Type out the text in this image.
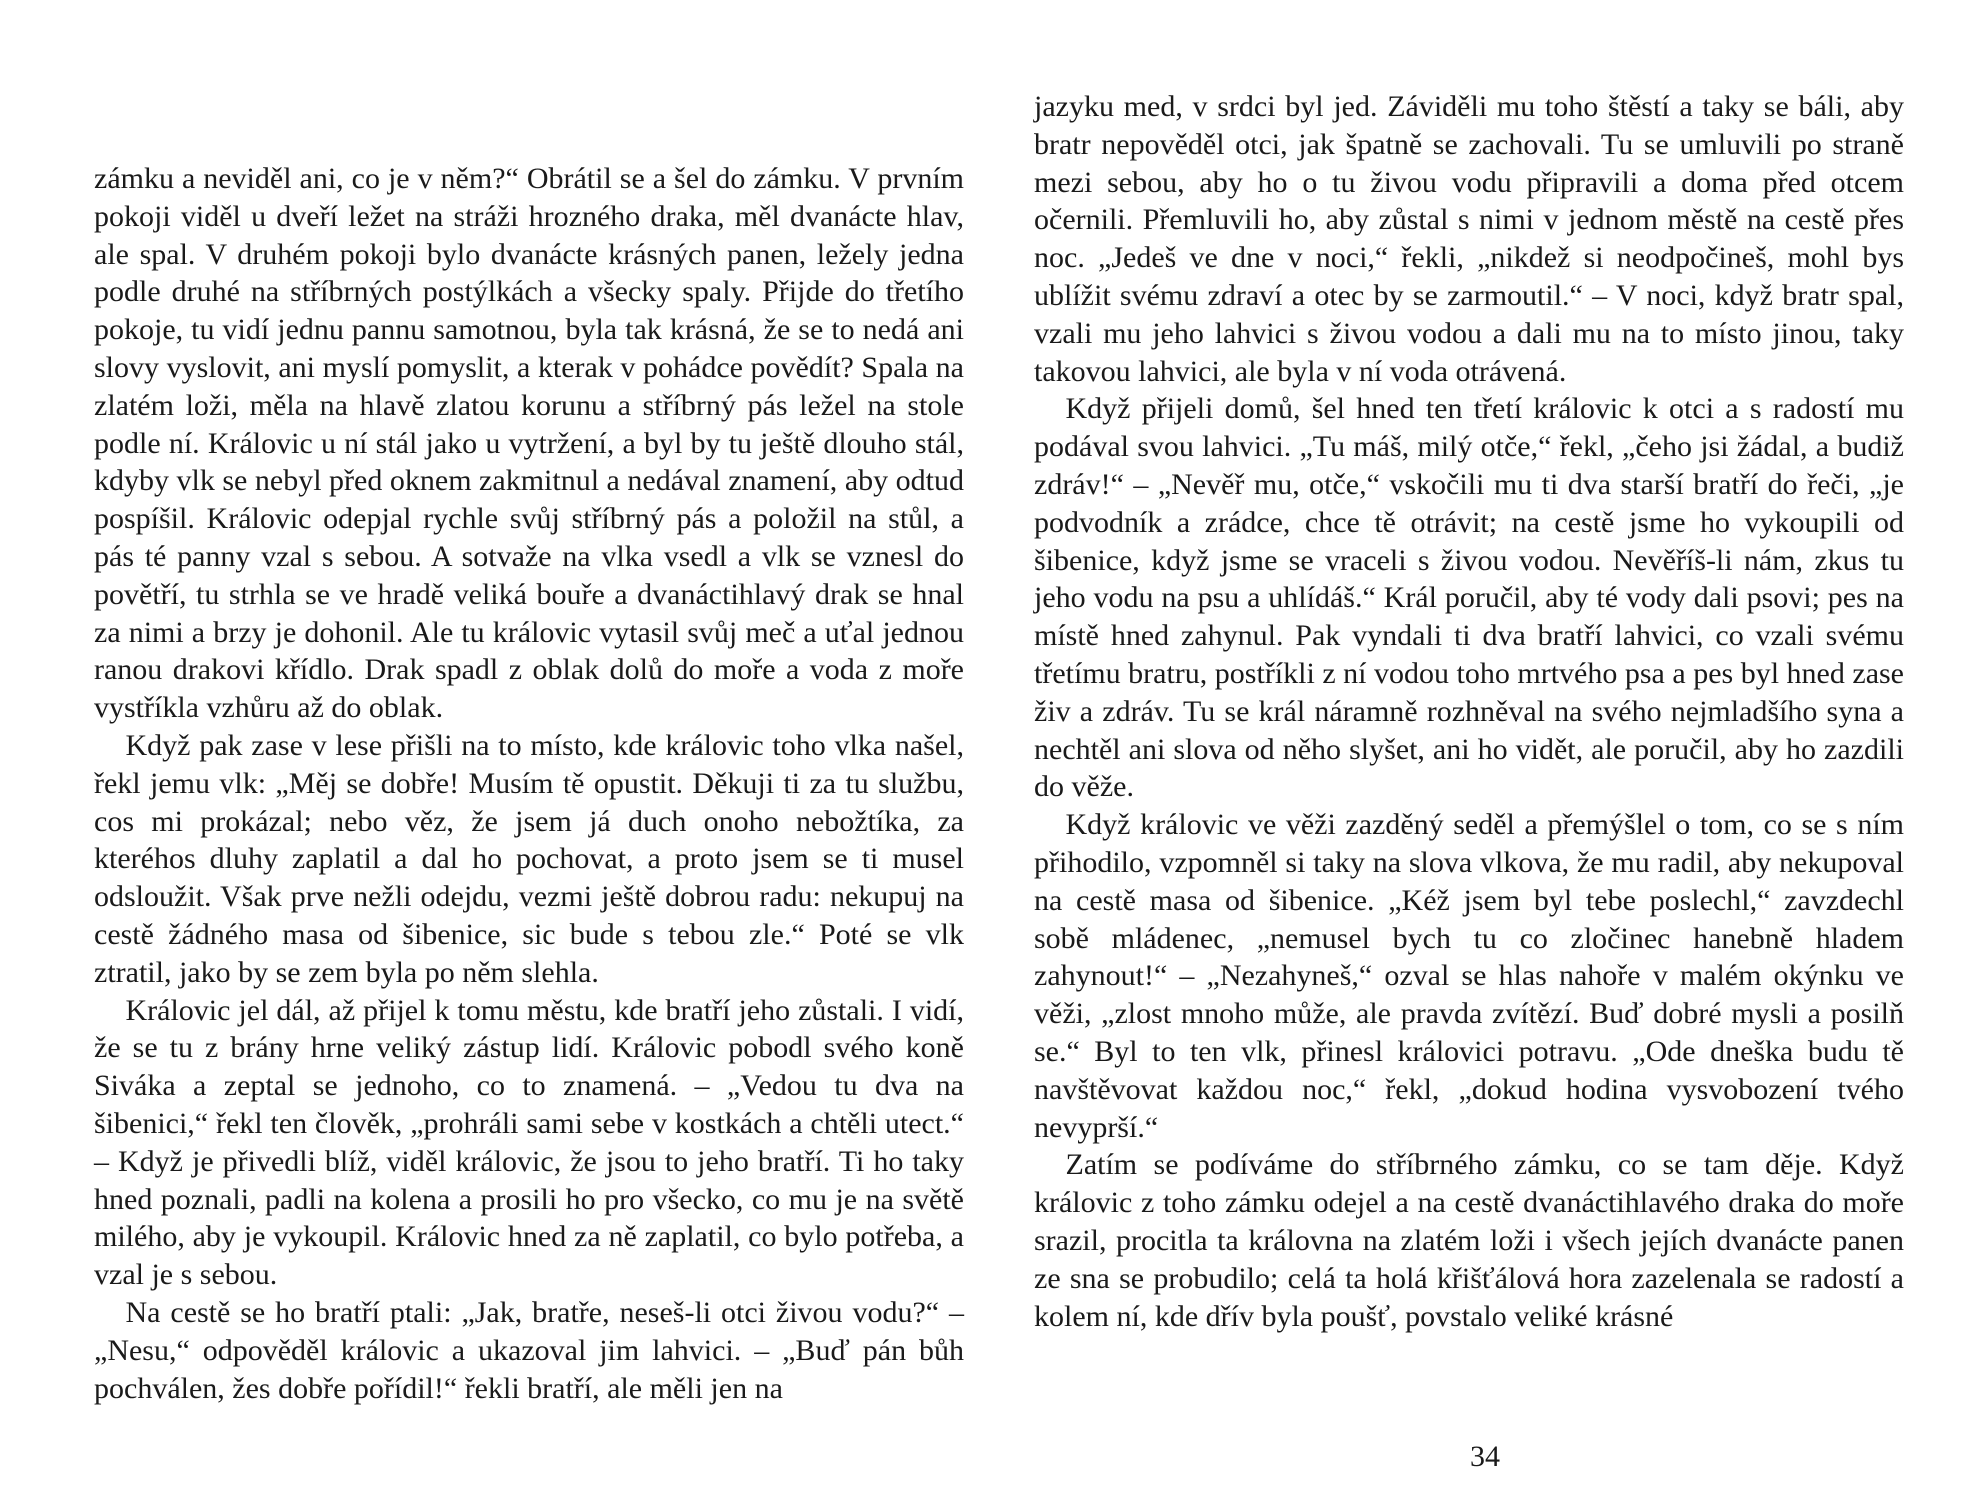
zámku a neviděl ani, co je v něm?“ Obrátil se a šel do zámku. V prvním pokoji viděl u dveří ležet na stráži hrozného draka, měl dvanácte hlav, ale spal. V druhém pokoji bylo dvanácte krásných panen, ležely jedna podle druhé na stříbrných postýlkách a všecky spaly. Přijde do třetího pokoje, tu vidí jednu pannu samotnou, byla tak krásná, že se to nedá ani slovy vyslovit, ani myslí pomyslit, a kterak v pohádce povědít? Spala na zlatém loži, měla na hlavě zlatou korunu a stříbrný pás ležel na stole podle ní. Královic u ní stál jako u vytržení, a byl by tu ještě dlouho stál, kdyby vlk se nebyl před oknem zakmitnul a nedával znamení, aby odtud pospíšil. Královic odepjal rychle svůj stříbrný pás a položil na stůl, a pás té panny vzal s sebou. A sotvaže na vlka vsedl a vlk se vznesl do povětří, tu strhla se ve hradě veliká bouře a dvanáctihlavý drak se hnal za nimi a brzy je dohonil. Ale tu královic vytasil svůj meč a uťal jednou ranou drakovi křídlo. Drak spadl z oblak dolů do moře a voda z moře vystříkla vzhůru až do oblak.

Když pak zase v lese přišli na to místo, kde královic toho vlka našel, řekl jemu vlk: „Měj se dobře! Musím tě opustit. Děkuji ti za tu službu, cos mi prokázal; nebo věz, že jsem já duch onoho nebožtíka, za kteréhos dluhy zaplatil a dal ho pochovat, a proto jsem se ti musel odsloužit. Však prve nežli odejdu, vezmi ještě dobrou radu: nekupuj na cestě žádného masa od šibenice, sic bude s tebou zle.“ Poté se vlk ztratil, jako by se zem byla po něm slehla.

Královic jel dál, až přijel k tomu městu, kde bratří jeho zůstali. I vidí, že se tu z brány hrne veliký zástup lidí. Královic pobodl svého koně Siváka a zeptal se jednoho, co to znamená. – „Vedou tu dva na šibenici,“ řekl ten člověk, „prohráli sami sebe v kostkách a chtěli utect.“ – Když je přivedli blíž, viděl královic, že jsou to jeho bratří. Ti ho taky hned poznali, padli na kolena a prosili ho pro všecko, co mu je na světě milého, aby je vykoupil. Královic hned za ně zaplatil, co bylo potřeba, a vzal je s sebou.

Na cestě se ho bratří ptali: „Jak, bratře, neseš-li otci živou vodu?“ – „Nesu,“ odpověděl královic a ukazoval jim lahvici. – „Buď pán bůh pochválen, žes dobře pořídil!“ řekli bratří, ale měli jen na

jazyku med, v srdci byl jed. Záviděli mu toho štěstí a taky se báli, aby bratr nepověděl otci, jak špatně se zachovali. Tu se umluvili po straně mezi sebou, aby ho o tu živou vodu připravili a doma před otcem očernili. Přemluvili ho, aby zůstal s nimi v jednom městě na cestě přes noc. „Jedeš ve dne v noci,“ řekli, „nikdež si neodpočineš, mohl bys ublížit svému zdraví a otec by se zarmoutil.“ – V noci, když bratr spal, vzali mu jeho lahvici s živou vodou a dali mu na to místo jinou, taky takovou lahvici, ale byla v ní voda otrávená.

Když přijeli domů, šel hned ten třetí královic k otci a s radostí mu podával svou lahvici. „Tu máš, milý otče,“ řekl, „čeho jsi žádal, a budiž zdráv!“ – „Nevěř mu, otče,“ vskočili mu ti dva starší bratří do řeči, „je podvodník a zrádce, chce tě otrávit; na cestě jsme ho vykoupili od šibenice, když jsme se vraceli s živou vodou. Nevěříš-li nám, zkus tu jeho vodu na psu a uhlídáš.“ Král poručil, aby té vody dali psovi; pes na místě hned zahynul. Pak vyndali ti dva bratří lahvici, co vzali svému třetímu bratru, postříkli z ní vodou toho mrtvého psa a pes byl hned zase živ a zdráv. Tu se král náramně rozhněval na svého nejmladšího syna a nechtěl ani slova od něho slyšet, ani ho vidět, ale poručil, aby ho zazdili do věže.

Když královic ve věži zazděný seděl a přemýšlel o tom, co se s ním přihodilo, vzpomněl si taky na slova vlkova, že mu radil, aby nekupoval na cestě masa od šibenice. „Kéž jsem byl tebe poslechl,“ zavzdechl sobě mládenec, „nemusel bych tu co zločinec hanebně hladem zahynout!“ – „Nezahyneš,“ ozval se hlas nahoře v malém okýnku ve věži, „zlost mnoho může, ale pravda zvítězí. Buď dobré mysli a posilň se.“ Byl to ten vlk, přinesl královici potravu. „Ode dneška budu tě navštěvovat každou noc,“ řekl, „dokud hodina vysvobození tvého nevyprší.“

Zatím se podíváme do stříbrného zámku, co se tam děje. Když královic z toho zámku odejel a na cestě dvanáctihlavého draka do moře srazil, procitla ta královna na zlatém loži i všech jejích dvanácte panen ze sna se probudilo; celá ta holá křišťálová hora zazelenala se radostí a kolem ní, kde dřív byla poušť, povstalo veliké krásné

34
